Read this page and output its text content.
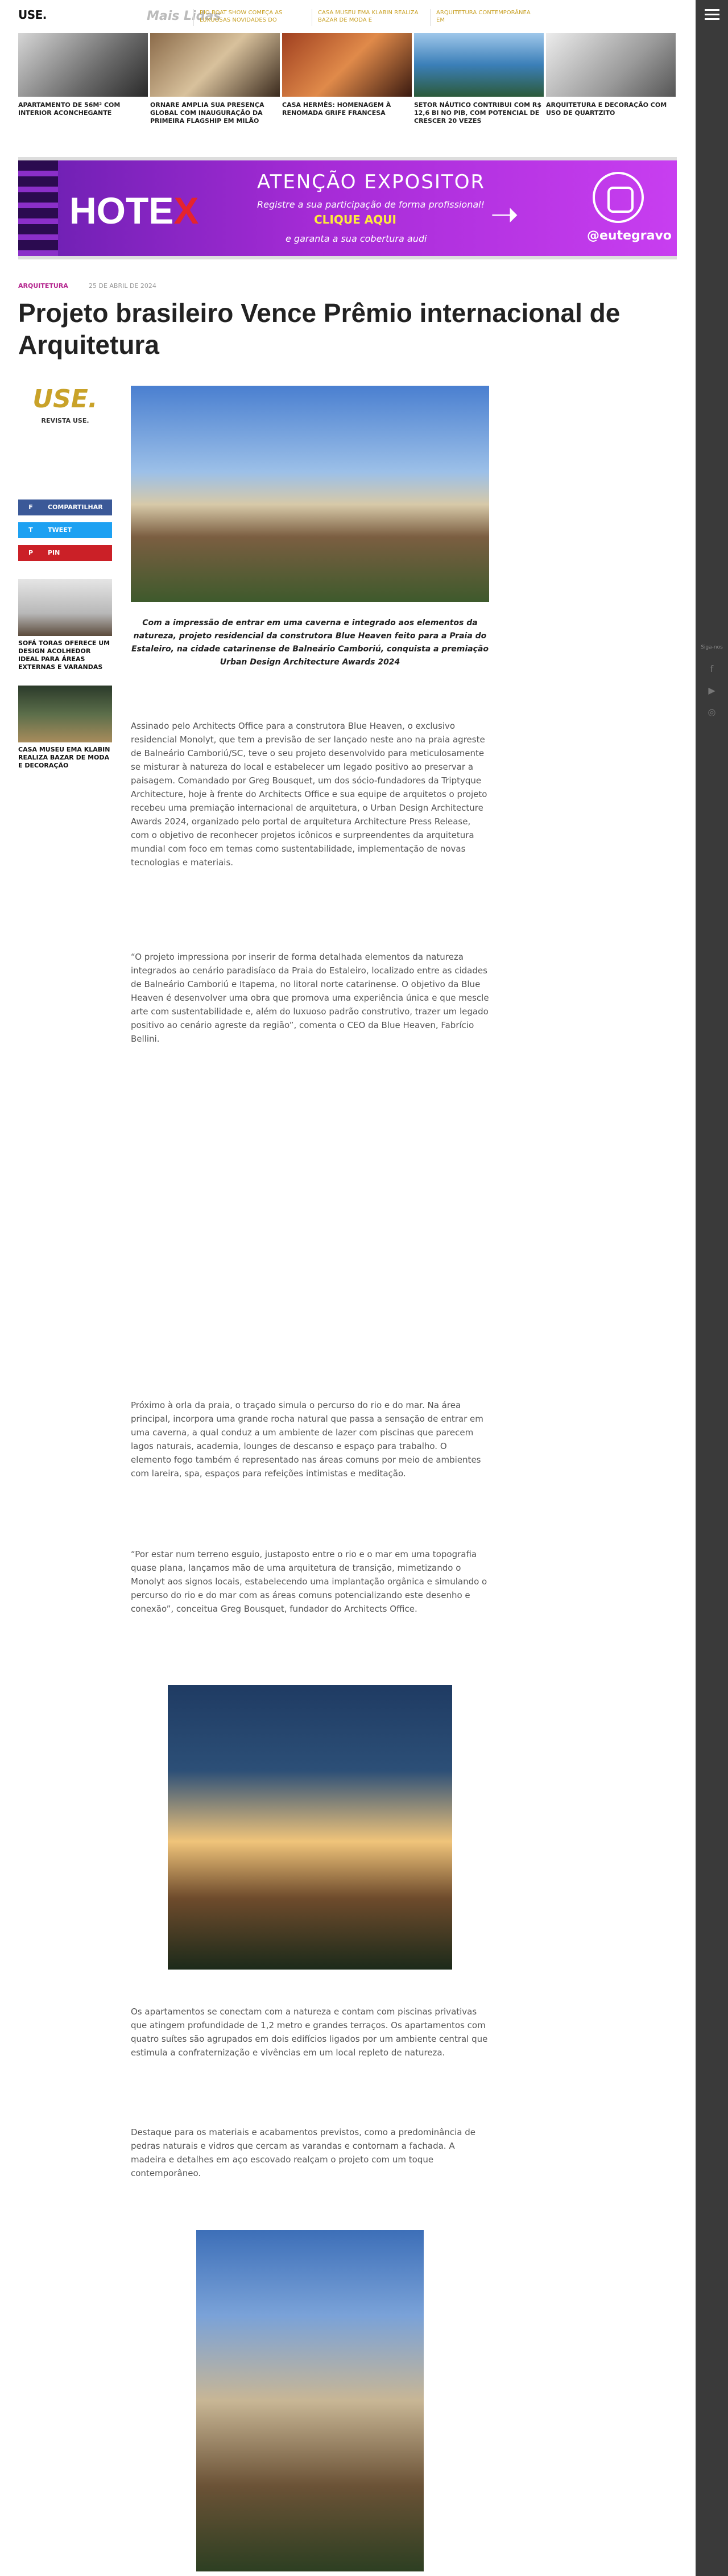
USE.	Mais Lidas
RIO BOAT SHOW COMEÇA AS LUXUOSAS NOVIDADES DO
CASA MUSEU EMA KLABIN REALIZA BAZAR DE MODA E
ARQUITETURA CONTEMPORÂNEA EM
APARTAMENTO DE 56M² COM INTERIOR ACONCHEGANTE
ORNARE AMPLIA SUA PRESENÇA GLOBAL COM INAUGURAÇÃO DA PRIMEIRA FLAGSHIP EM MILÃO
CASA HERMÈS: HOMENAGEM À RENOMADA GRIFE FRANCESA
SETOR NÁUTICO CONTRIBUI COM R$ 12,6 BI NO PIB, COM POTENCIAL DE CRESCER 20 VEZES
ARQUITETURA E DECORAÇÃO COM USO DE QUARTZITO
HOTEX
ATENÇÃO EXPOSITOR
Registre a sua participação de forma profissional!
CLIQUE AQUI
e garanta a sua cobertura audi
➝
@eutegravo
ARQUITETURA	25 DE ABRIL DE 2024
Projeto brasileiro Vence Prêmio internacional de Arquitetura
USE.
REVISTA USE.
F	COMPARTILHAR
T	TWEET
P	PIN
SOFÁ TORAS OFERECE UM DESIGN ACOLHEDOR IDEAL PARA ÁREAS EXTERNAS E VARANDAS
CASA MUSEU EMA KLABIN REALIZA BAZAR DE MODA E DECORAÇÃO
Com a impressão de entrar em uma caverna e integrado aos elementos da natureza, projeto residencial da construtora Blue Heaven feito para a Praia do Estaleiro, na cidade catarinense de Balneário Camboriú, conquista a premiação Urban Design Architecture Awards 2024

Assinado pelo Architects Office para a construtora Blue Heaven, o exclusivo residencial Monolyt, que tem a previsão de ser lançado neste ano na praia agreste de Balneário Camboriú/SC, teve o seu projeto desenvolvido para meticulosamente se misturar à natureza do local e estabelecer um legado positivo ao preservar a paisagem. Comandado por Greg Bousquet, um dos sócio-fundadores da Triptyque Architecture, hoje à frente do Architects Office e sua equipe de arquitetos o projeto recebeu uma premiação internacional de arquitetura, o Urban Design Architecture Awards 2024, organizado pelo portal de arquitetura Architecture Press Release, com o objetivo de reconhecer projetos icônicos e surpreendentes da arquitetura mundial com foco em temas como sustentabilidade, implementação de novas tecnologias e materiais.

“O projeto impressiona por inserir de forma detalhada elementos da natureza integrados ao cenário paradisíaco da Praia do Estaleiro, localizado entre as cidades de Balneário Camboriú e Itapema, no litoral norte catarinense. O objetivo da Blue Heaven é desenvolver uma obra que promova uma experiência única e que mescle arte com sustentabilidade e, além do luxuoso padrão construtivo, trazer um legado positivo ao cenário agreste da região”, comenta o CEO da Blue Heaven, Fabrício Bellini.

Próximo à orla da praia, o traçado simula o percurso do rio e do mar. Na área principal, incorpora uma grande rocha natural que passa a sensação de entrar em uma caverna, a qual conduz a um ambiente de lazer com piscinas que parecem lagos naturais, academia, lounges de descanso e espaço para trabalho. O elemento fogo também é representado nas áreas comuns por meio de ambientes com lareira, spa, espaços para refeições intimistas e meditação.

“Por estar num terreno esguio, justaposto entre o rio e o mar em uma topografia quase plana, lançamos mão de uma arquitetura de transição, mimetizando o Monolyt aos signos locais, estabelecendo uma implantação orgânica e simulando o percurso do rio e do mar com as áreas comuns potencializando este desenho e conexão”, conceitua Greg Bousquet, fundador do Architects Office.

Os apartamentos se conectam com a natureza e contam com piscinas privativas que atingem profundidade de 1,2 metro e grandes terraços. Os apartamentos com quatro suítes são agrupados em dois edifícios ligados por um ambiente central que estimula a confraternização e vivências em um local repleto de natureza.

Destaque para os materiais e acabamentos previstos, como a predominância de pedras naturais e vidros que cercam as varandas e contornam a fachada. A madeira e detalhes em aço escovado realçam o projeto com um toque contemporâneo.

Siga-nos
f
▶
◎
